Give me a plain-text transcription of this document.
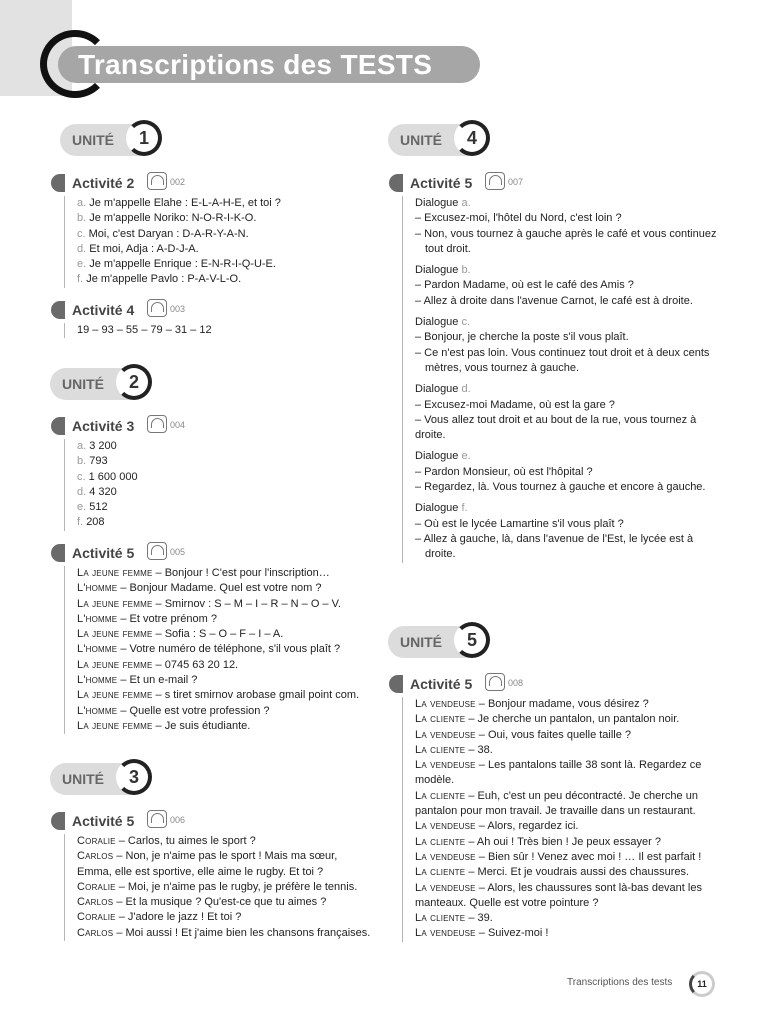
Transcriptions des TESTS
UNITÉ	1
Activité 2	002
a. Je m'appelle Elahe : E-L-A-H-E, et toi ?
b. Je m'appelle Noriko: N-O-R-I-K-O.
c. Moi, c'est Daryan : D-A-R-Y-A-N.
d. Et moi, Adja : A-D-J-A.
e. Je m'appelle Enrique : E-N-R-I-Q-U-E.
f. Je m'appelle Pavlo : P-A-V-L-O.
Activité 4	003
19 – 93 – 55 – 79 – 31 – 12
UNITÉ	2
Activité 3	004
a. 3 200
b. 793
c. 1 600 000
d. 4 320
e. 512
f. 208
Activité 5	005
La jeune femme – Bonjour ! C'est pour l'inscription…
L'homme – Bonjour Madame. Quel est votre nom ?
La jeune femme – Smirnov : S – M – I – R – N – O – V.
L'homme – Et votre prénom ?
La jeune femme – Sofia : S – O – F – I – A.
L'homme – Votre numéro de téléphone, s'il vous plaît ?
La jeune femme – 0745 63 20 12.
L'homme – Et un e-mail ?
La jeune femme – s tiret smirnov arobase gmail point com.
L'homme – Quelle est votre profession ?
La jeune femme – Je suis étudiante.
UNITÉ	3
Activité 5	006
Coralie – Carlos, tu aimes le sport ?
Carlos – Non, je n'aime pas le sport ! Mais ma sœur, Emma, elle est sportive, elle aime le rugby. Et toi ?
Coralie – Moi, je n'aime pas le rugby, je préfère le tennis.
Carlos – Et la musique ? Qu'est-ce que tu aimes ?
Coralie – J'adore le jazz ! Et toi ?
Carlos – Moi aussi ! Et j'aime bien les chansons françaises.
UNITÉ	4
Activité 5	007
Dialogue a.
– Excusez-moi, l'hôtel du Nord, c'est loin ?
– Non, vous tournez à gauche après le café et vous continuez tout droit.
Dialogue b.
– Pardon Madame, où est le café des Amis ?
– Allez à droite dans l'avenue Carnot, le café est à droite.
Dialogue c.
– Bonjour, je cherche la poste s'il vous plaît.
– Ce n'est pas loin. Vous continuez tout droit et à deux cents mètres, vous tournez à gauche.
Dialogue d.
– Excusez-moi Madame, où est la gare ?
– Vous allez tout droit et au bout de la rue, vous tournez à droite.
Dialogue e.
– Pardon Monsieur, où est l'hôpital ?
– Regardez, là. Vous tournez à gauche et encore à gauche.
Dialogue f.
– Où est le lycée Lamartine s'il vous plaît ?
– Allez à gauche, là, dans l'avenue de l'Est, le lycée est à droite.
UNITÉ	5
Activité 5	008
La vendeuse – Bonjour madame, vous désirez ?
La cliente – Je cherche un pantalon, un pantalon noir.
La vendeuse – Oui, vous faites quelle taille ?
La cliente – 38.
La vendeuse – Les pantalons taille 38 sont là. Regardez ce modèle.
La cliente – Euh, c'est un peu décontracté. Je cherche un pantalon pour mon travail. Je travaille dans un restaurant.
La vendeuse – Alors, regardez ici.
La cliente – Ah oui ! Très bien ! Je peux essayer ?
La vendeuse – Bien sûr ! Venez avec moi ! … Il est parfait !
La cliente – Merci. Et je voudrais aussi des chaussures.
La vendeuse – Alors, les chaussures sont là-bas devant les manteaux. Quelle est votre pointure ?
La cliente – 39.
La vendeuse – Suivez-moi !
Transcriptions des tests	11
